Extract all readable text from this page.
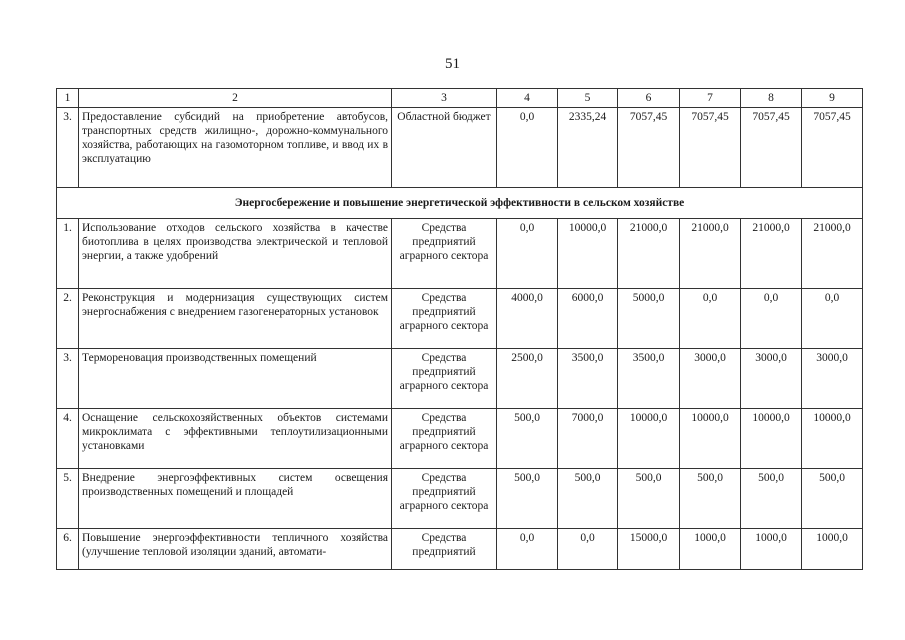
51
1	2	3	4	5	6	7	8	9
3.	Предоставление субсидий на приобретение автобусов, транспортных средств жилищно-, дорожно-коммунального хозяйства, работающих на газомоторном топливе, и ввод их в эксплуатацию	Областной бюджет	0,0	2335,24	7057,45	7057,45	7057,45	7057,45
Энергосбережение и повышение энергетической эффективности в сельском хозяйстве								
1.	Использование отходов сельского хозяйства в качестве биотоплива в целях производства электрической и тепловой энергии, а также удобрений	Средства предприятий аграрного сектора	0,0	10000,0	21000,0	21000,0	21000,0	21000,0
2.	Реконструкция и модернизация существующих систем энергоснабжения с внедрением газогенераторных установок	Средства предприятий аграрного сектора	4000,0	6000,0	5000,0	0,0	0,0	0,0
3.	Термореновация производственных помещений	Средства предприятий аграрного сектора	2500,0	3500,0	3500,0	3000,0	3000,0	3000,0
4.	Оснащение сельскохозяйственных объектов системами микроклимата с эффективными теплоутилизационными установками	Средства предприятий аграрного сектора	500,0	7000,0	10000,0	10000,0	10000,0	10000,0
5.	Внедрение энергоэффективных систем освещения производственных помещений и площадей	Средства предприятий аграрного сектора	500,0	500,0	500,0	500,0	500,0	500,0
6.	Повышение энергоэффективности тепличного хозяйства (улучшение тепловой изоляции зданий, автомати-	Средства предприятий	0,0	0,0	15000,0	1000,0	1000,0	1000,0
